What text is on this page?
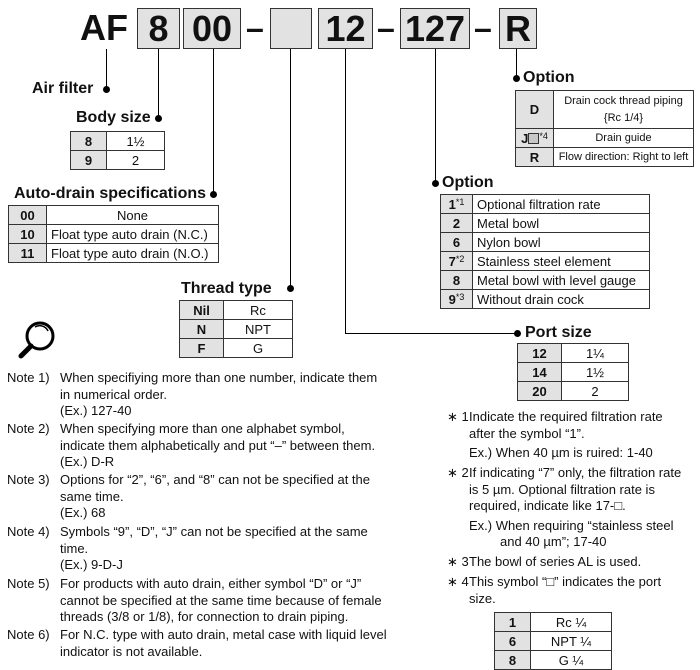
AF 8 00 – 12 – 127 – R
Air filter
Body size
Auto-drain specifications
Thread type
Option
Option
Port size
8	1½
9	2
00	None
10	Float type auto drain (N.C.)
11	Float type auto drain (N.O.)
Nil	Rc
N	NPT
F	G
D	Drain cock thread piping
{Rc 1/4}

J $^{*4}$	Drain guide
R	Flow direction: Right to left
1$^{*1}$	Optional filtration rate
2	Metal bowl
6	Nylon bowl
7$^{*2}$	Stainless steel element
8	Metal bowl with level gauge
9$^{*3}$	Without drain cock
12	1¼
14	1½
20	2
Note 1) When specifiying more than one number, indicate them
in numerical order.
(Ex.) 127-40
Note 2) When specifying more than one alphabet symbol,
indicate them alphabetically and put “–” between them.
(Ex.) D-R
Note 3) Options for “2”, “6”, and “8” can not be specified at the
same time.
(Ex.) 68
Note 4) Symbols “9”, “D”, “J” can not be specified at the same
time.
(Ex.) 9-D-J
Note 5) For products with auto drain, either symbol “D” or “J”
cannot be specified at the same time because of female
threads (3/8 or 1/8), for connection to drain piping.
Note 6) For N.C. type with auto drain, metal case with liquid level
indicator is not available.
∗ 1 Indicate the required filtration rate
after the symbol “1”.
Ex.) When 40 µm is ruired: 1-40
∗ 2 If indicating “7” only, the filtration rate
is 5 µm. Optional filtration rate is
required, indicate like 17-□.
Ex.) When requiring “stainless steel
and 40 µm”; 17-40
∗ 3 The bowl of series AL is used.
∗ 4 This symbol “□” indicates the port
size.
1	Rc ¼
6	NPT ¼
8	G ¼
